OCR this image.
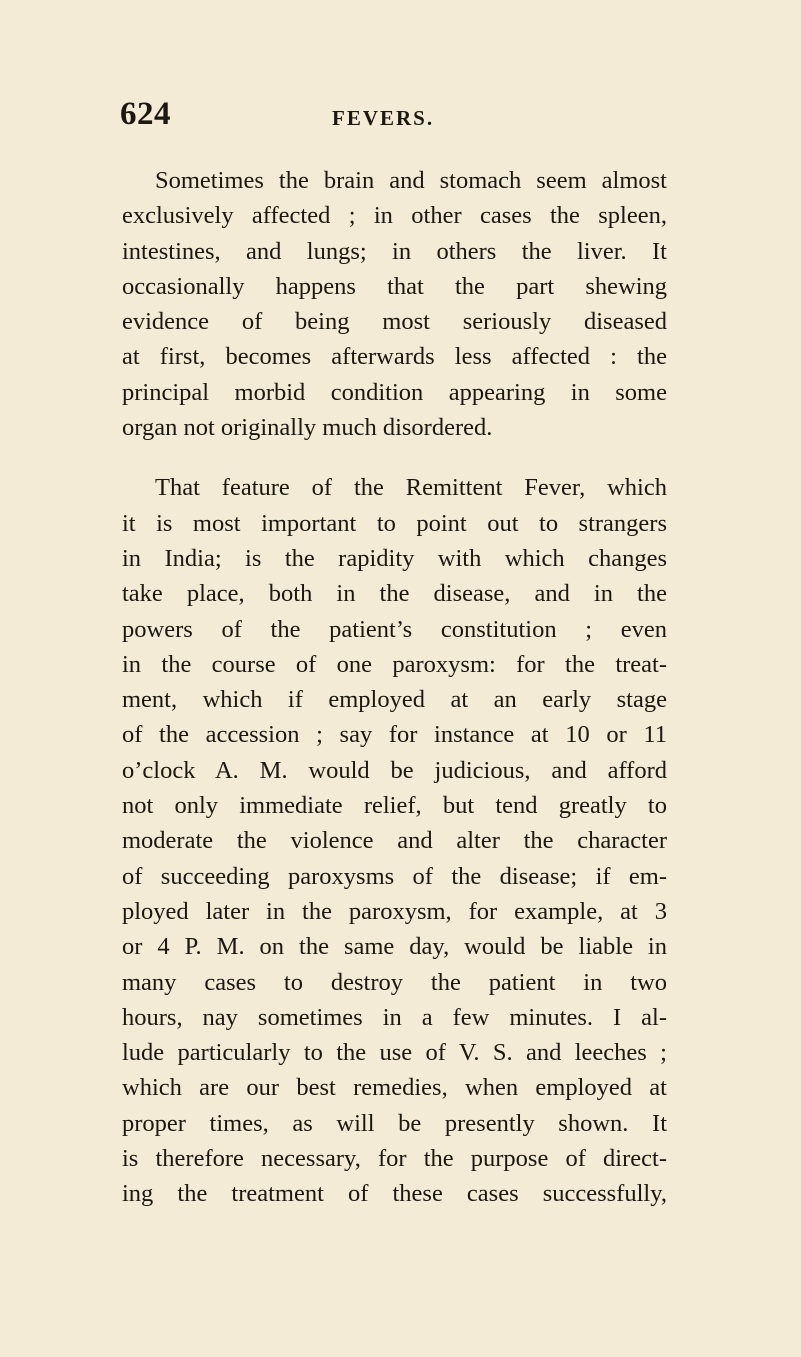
624	FEVERS.
Sometimes the brain and stomach seem almost
exclusively affected ; in other cases the spleen,
intestines, and lungs; in others the liver. It
occasionally happens that the part shewing
evidence of being most seriously diseased
at first, becomes afterwards less affected : the
principal morbid condition appearing in some
organ not originally much disordered.
That feature of the Remittent Fever, which
it is most important to point out to strangers
in India; is the rapidity with which changes
take place, both in the disease, and in the
powers of the patient’s constitution ; even
in the course of one paroxysm: for the treat-
ment, which if employed at an early stage
of the accession ; say for instance at 10 or 11
o’clock A. M. would be judicious, and afford
not only immediate relief, but tend greatly to
moderate the violence and alter the character
of succeeding paroxysms of the disease; if em-
ployed later in the paroxysm, for example, at 3
or 4 P. M. on the same day, would be liable in
many cases to destroy the patient in two
hours, nay sometimes in a few minutes. I al-
lude particularly to the use of V. S. and leeches ;
which are our best remedies, when employed at
proper times, as will be presently shown. It
is therefore necessary, for the purpose of direct-
ing the treatment of these cases successfully,
